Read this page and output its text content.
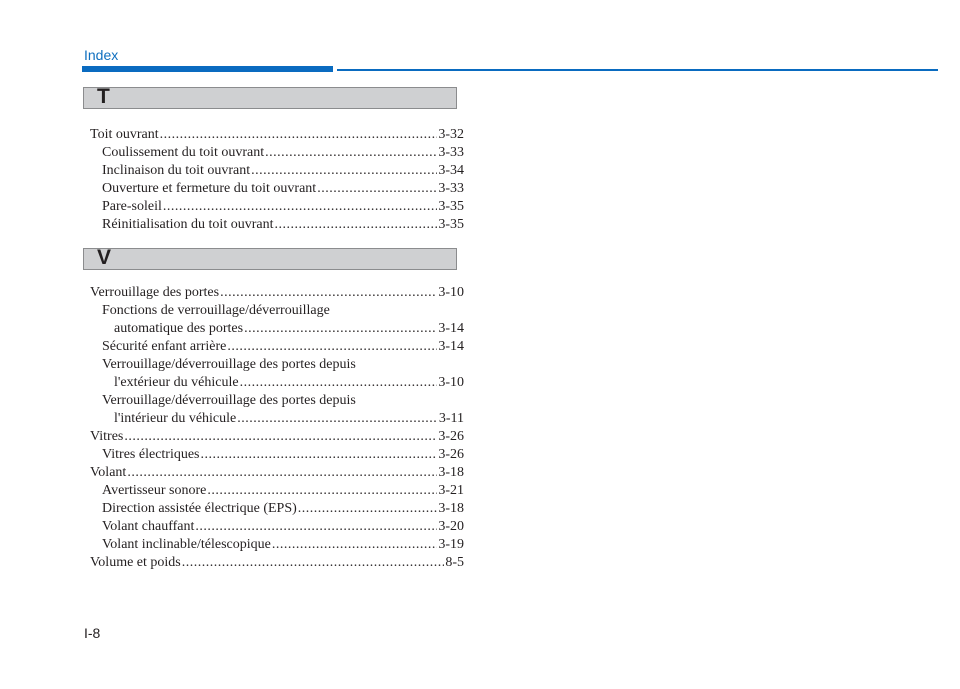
Index
T
Toit ouvrant .....	3-32
Coulissement du toit ouvrant .....	3-33
Inclinaison du toit ouvrant .....	3-34
Ouverture et fermeture du toit ouvrant .....	3-33
Pare-soleil .....	3-35
Réinitialisation du toit ouvrant .....	3-35
V
Verrouillage des portes .....	3-10
Fonctions de verrouillage/déverrouillage
automatique des portes .....	3-14
Sécurité enfant arrière .....	3-14
Verrouillage/déverrouillage des portes depuis
l'extérieur du véhicule .....	3-10
Verrouillage/déverrouillage des portes depuis
l'intérieur du véhicule .....	3-11
Vitres .....	3-26
Vitres électriques .....	3-26
Volant .....	3-18
Avertisseur sonore .....	3-21
Direction assistée électrique (EPS) .....	3-18
Volant chauffant .....	3-20
Volant inclinable/télescopique .....	3-19
Volume et poids .....	8-5
I-8
